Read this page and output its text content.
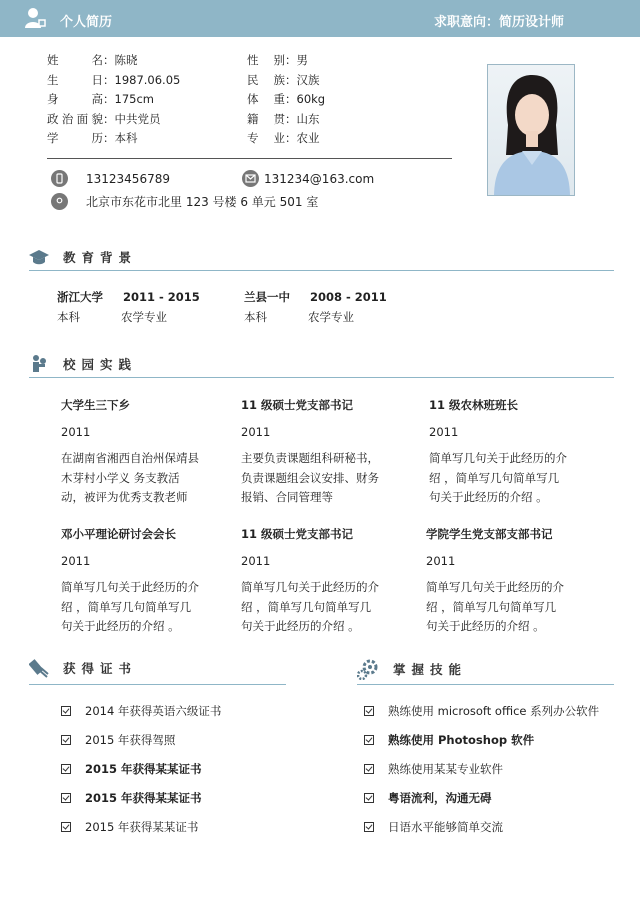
个人简历	求职意向：简历设计师
姓名 ： 陈晓
生日 ： 1987.06.05
身高 ： 175cm
政治面貌 ： 中共党员
学历 ： 本科
性别 ： 男
民族 ： 汉族
体重 ： 60kg
籍贯 ： 山东
专业 ： 农业
13123456789	131234@163.com
北京市东花市北里 123 号楼 6 单元 501 室
教育背景
浙江大学 2011 - 2015
本科	农学专业
兰县一中 2008 - 2011
本科	农学专业
校园实践
大学生三下乡
2011
在湖南省湘西自治州保靖县
木芽村小学义 务支教活
动，被评为优秀支教老师
11 级硕士党支部书记
2011
主要负责课题组科研秘书，
负责课题组会议安排、财务
报销、合同管理等
11 级农林班班长
2011
简单写几句关于此经历的介
绍 ，简单写几句简单写几
句关于此经历的介绍 。
邓小平理论研讨会会长
2011
简单写几句关于此经历的介
绍 ，简单写几句简单写几
句关于此经历的介绍 。
11 级硕士党支部书记
2011
简单写几句关于此经历的介
绍 ，简单写几句简单写几
句关于此经历的介绍 。
学院学生党支部支部书记
2011
简单写几句关于此经历的介
绍 ，简单写几句简单写几
句关于此经历的介绍 。
获得证书	掌握技能
2014 年获得英语六级证书
2015 年获得驾照
2015 年获得某某证书
2015 年获得某某证书
2015 年获得某某证书
熟练使用 microsoft office 系列办公软件
熟练使用 Photoshop 软件
熟练使用某某专业软件
粤语流利，沟通无碍
日语水平能够简单交流
